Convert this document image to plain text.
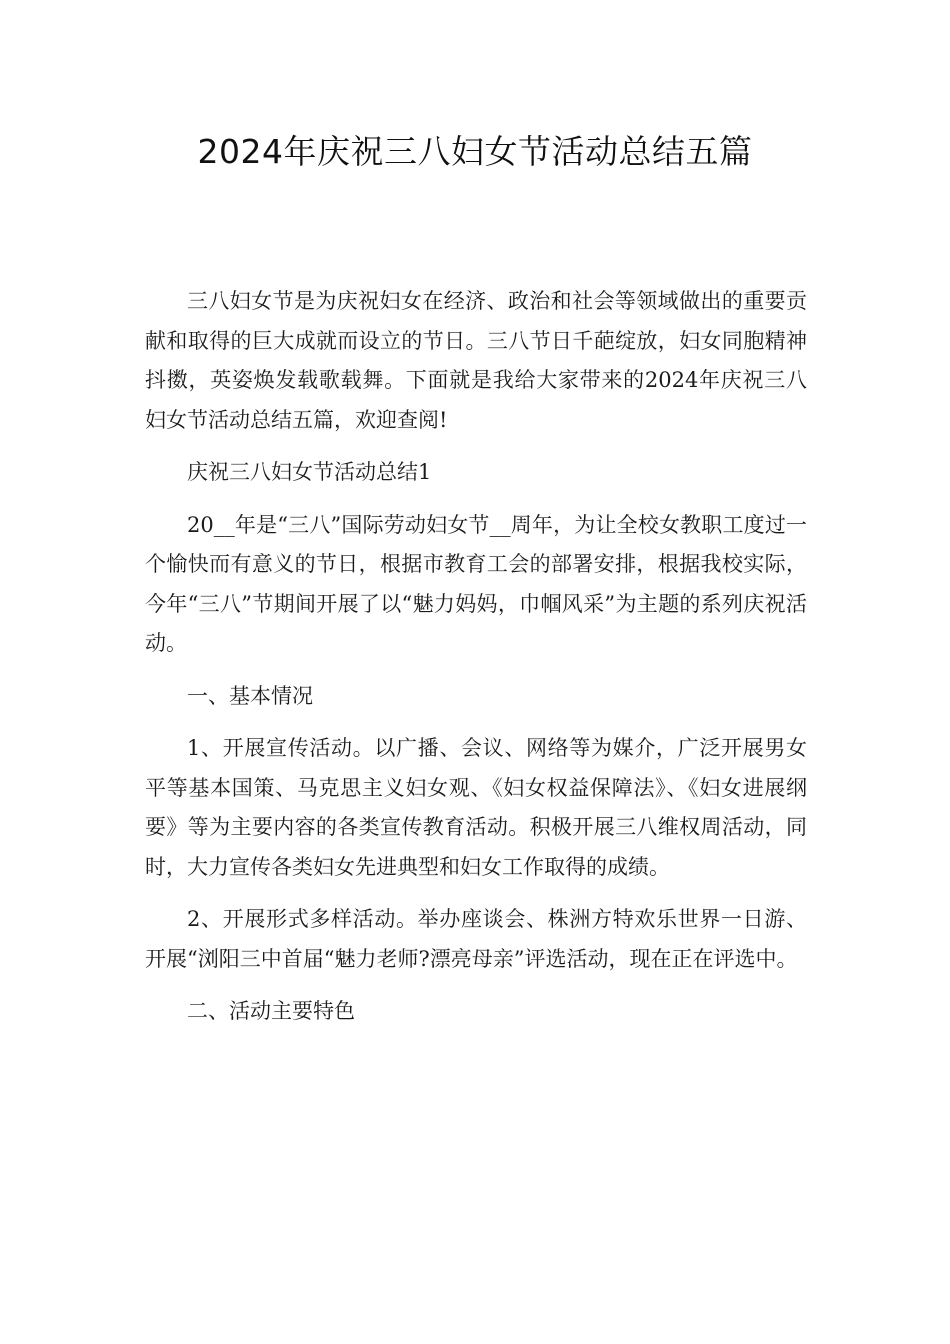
2024年庆祝三八妇女节活动总结五篇

三八妇女节是为庆祝妇女在经济、政治和社会等领域做出的重要贡献和取得的巨大成就而设立的节日。三八节日千葩绽放，妇女同胞精神抖擞，英姿焕发载歌载舞。下面就是我给大家带来的2024年庆祝三八妇女节活动总结五篇，欢迎查阅!

庆祝三八妇女节活动总结1

20__年是“三八”国际劳动妇女节__周年，为让全校女教职工度过一个愉快而有意义的节日，根据市教育工会的部署安排，根据我校实际，今年“三八”节期间开展了以“魅力妈妈，巾帼风采”为主题的系列庆祝活动。

一、基本情况

1、开展宣传活动。以广播、会议、网络等为媒介，广泛开展男女平等基本国策、马克思主义妇女观、《妇女权益保障法》、《妇女进展纲要》等为主要内容的各类宣传教育活动。积极开展三八维权周活动，同时，大力宣传各类妇女先进典型和妇女工作取得的成绩。

2、开展形式多样活动。举办座谈会、株洲方特欢乐世界一日游、开展“浏阳三中首届“魅力老师?漂亮母亲”评选活动，现在正在评选中。

二、活动主要特色
